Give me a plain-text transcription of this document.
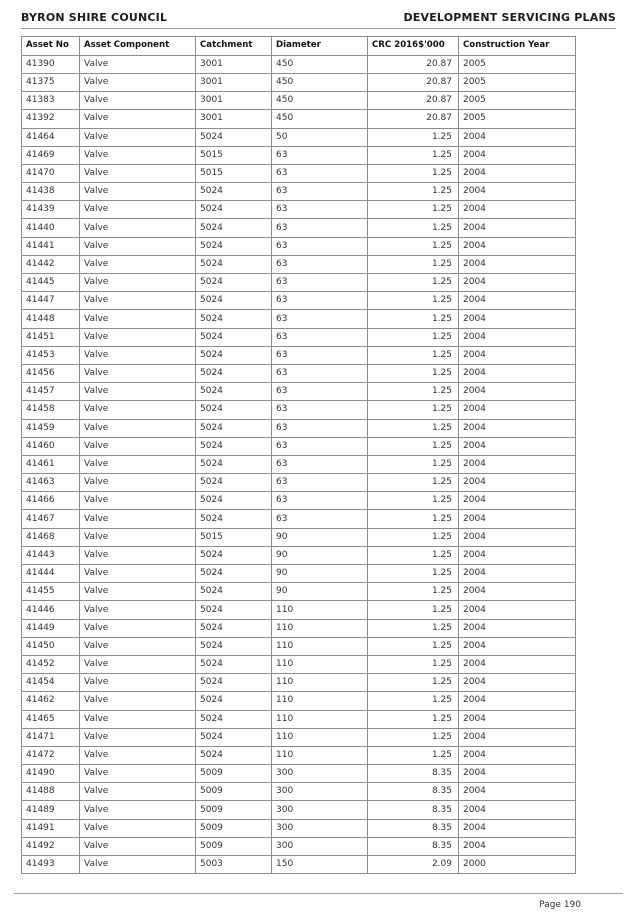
BYRON SHIRE COUNCIL	DEVELOPMENT SERVICING PLANS
Asset No	Asset Component	Catchment	Diameter	CRC 2016$'000	Construction Year
41390	Valve	3001	450	20.87	2005
41375	Valve	3001	450	20.87	2005
41383	Valve	3001	450	20.87	2005
41392	Valve	3001	450	20.87	2005
41464	Valve	5024	50	1.25	2004
41469	Valve	5015	63	1.25	2004
41470	Valve	5015	63	1.25	2004
41438	Valve	5024	63	1.25	2004
41439	Valve	5024	63	1.25	2004
41440	Valve	5024	63	1.25	2004
41441	Valve	5024	63	1.25	2004
41442	Valve	5024	63	1.25	2004
41445	Valve	5024	63	1.25	2004
41447	Valve	5024	63	1.25	2004
41448	Valve	5024	63	1.25	2004
41451	Valve	5024	63	1.25	2004
41453	Valve	5024	63	1.25	2004
41456	Valve	5024	63	1.25	2004
41457	Valve	5024	63	1.25	2004
41458	Valve	5024	63	1.25	2004
41459	Valve	5024	63	1.25	2004
41460	Valve	5024	63	1.25	2004
41461	Valve	5024	63	1.25	2004
41463	Valve	5024	63	1.25	2004
41466	Valve	5024	63	1.25	2004
41467	Valve	5024	63	1.25	2004
41468	Valve	5015	90	1.25	2004
41443	Valve	5024	90	1.25	2004
41444	Valve	5024	90	1.25	2004
41455	Valve	5024	90	1.25	2004
41446	Valve	5024	110	1.25	2004
41449	Valve	5024	110	1.25	2004
41450	Valve	5024	110	1.25	2004
41452	Valve	5024	110	1.25	2004
41454	Valve	5024	110	1.25	2004
41462	Valve	5024	110	1.25	2004
41465	Valve	5024	110	1.25	2004
41471	Valve	5024	110	1.25	2004
41472	Valve	5024	110	1.25	2004
41490	Valve	5009	300	8.35	2004
41488	Valve	5009	300	8.35	2004
41489	Valve	5009	300	8.35	2004
41491	Valve	5009	300	8.35	2004
41492	Valve	5009	300	8.35	2004
41493	Valve	5003	150	2.09	2000
Page 190
